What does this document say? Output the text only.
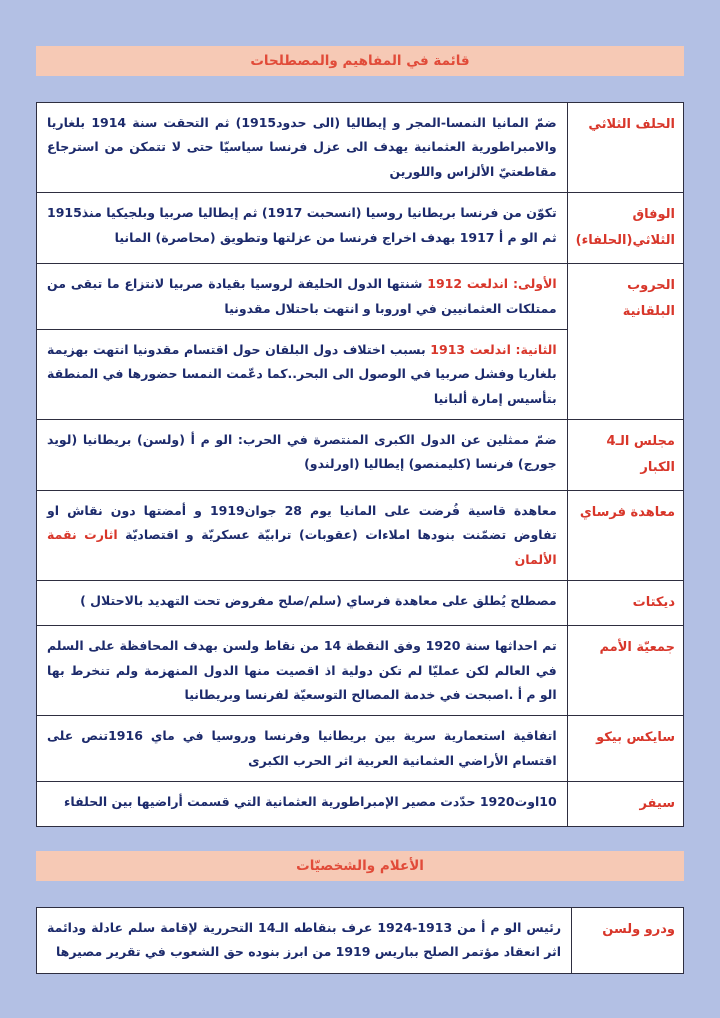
قائمة في المفاهيم والمصطلحات
الحلف الثلاثي	ضمّ المانيا النمسا-المجر و إيطاليا (الى حدود1915) ثم التحقت سنة 1914 بلغاريا والامبراطورية العثمانية يهدف الى عزل فرنسا سياسيّا حتى لا تتمكن من استرجاع مقاطعتيّ الألزاس واللورين
الوفاق الثلاثي(الحلفاء)	تكوّن من فرنسا بريطانيا روسيا (انسحبت 1917) ثم إيطاليا صربيا وبلجيكيا منذ1915 ثم الو م أ 1917 بهدف اخراج فرنسا من عزلتها وتطويق (محاصرة) المانيا
الحروب البلقانية	الأولى: اندلعت 1912 شنتها الدول الحليفة لروسيا بقيادة صربيا لانتزاع ما تبقى من ممتلكات العثمانيين في اوروبا و انتهت باحتلال مقدونيا
	الثانية: اندلعت 1913 بسبب اختلاف دول البلقان حول اقتسام مقدونيا انتهت بهزيمة بلغاريا وفشل صربيا في الوصول الى البحر..كما دعّمت النمسا حضورها في المنطقة بتأسيس إمارة ألبانيا
مجلس الـ4 الكبار	ضمّ ممثلين عن الدول الكبرى المنتصرة في الحرب: الو م أ (ولسن) بريطانيا (لويد جورج) فرنسا (كليمنصو) إيطاليا (اورلندو)
معاهدة فرساي	معاهدة قاسية فُرضت على المانيا يوم 28 جوان1919 و أمضتها دون نقاش او تفاوض تضمّنت بنودها املاءات (عقوبات) ترابيّة عسكريّة و اقتصاديّة اثارت نقمة الألمان
ديكتات	مصطلح يُطلق على معاهدة فرساي (سلم/صلح مفروض تحت التهديد بالاحتلال )
جمعيّة الأمم	تم احداثها سنة 1920 وفق النقطة 14 من نقاط ولسن بهدف المحافظة على السلم في العالم لكن عمليّا لم تكن دولية اذ اقصيت منها الدول المنهزمة ولم تنخرط بها الو م أ .اصبحت في خدمة المصالح التوسعيّة لفرنسا وبريطانيا
سايكس بيكو	اتفاقية استعمارية سرية بين بريطانيا وفرنسا وروسيا في ماي 1916تنص على اقتسام الأراضي العثمانية العربية اثر الحرب الكبرى
سيفر	10اوت1920 حدّدت مصير الإمبراطورية العثمانية التي قسمت أراضيها بين الحلفاء
الأعلام والشخصيّات
ودرو ولسن	رئيس الو م أ من 1913-1924 عرف بنقاطه الـ14 التحررية لإقامة سلم عادلة ودائمة اثر انعقاد مؤتمر الصلح بباريس 1919 من ابرز بنوده حق الشعوب في تقرير مصيرها
